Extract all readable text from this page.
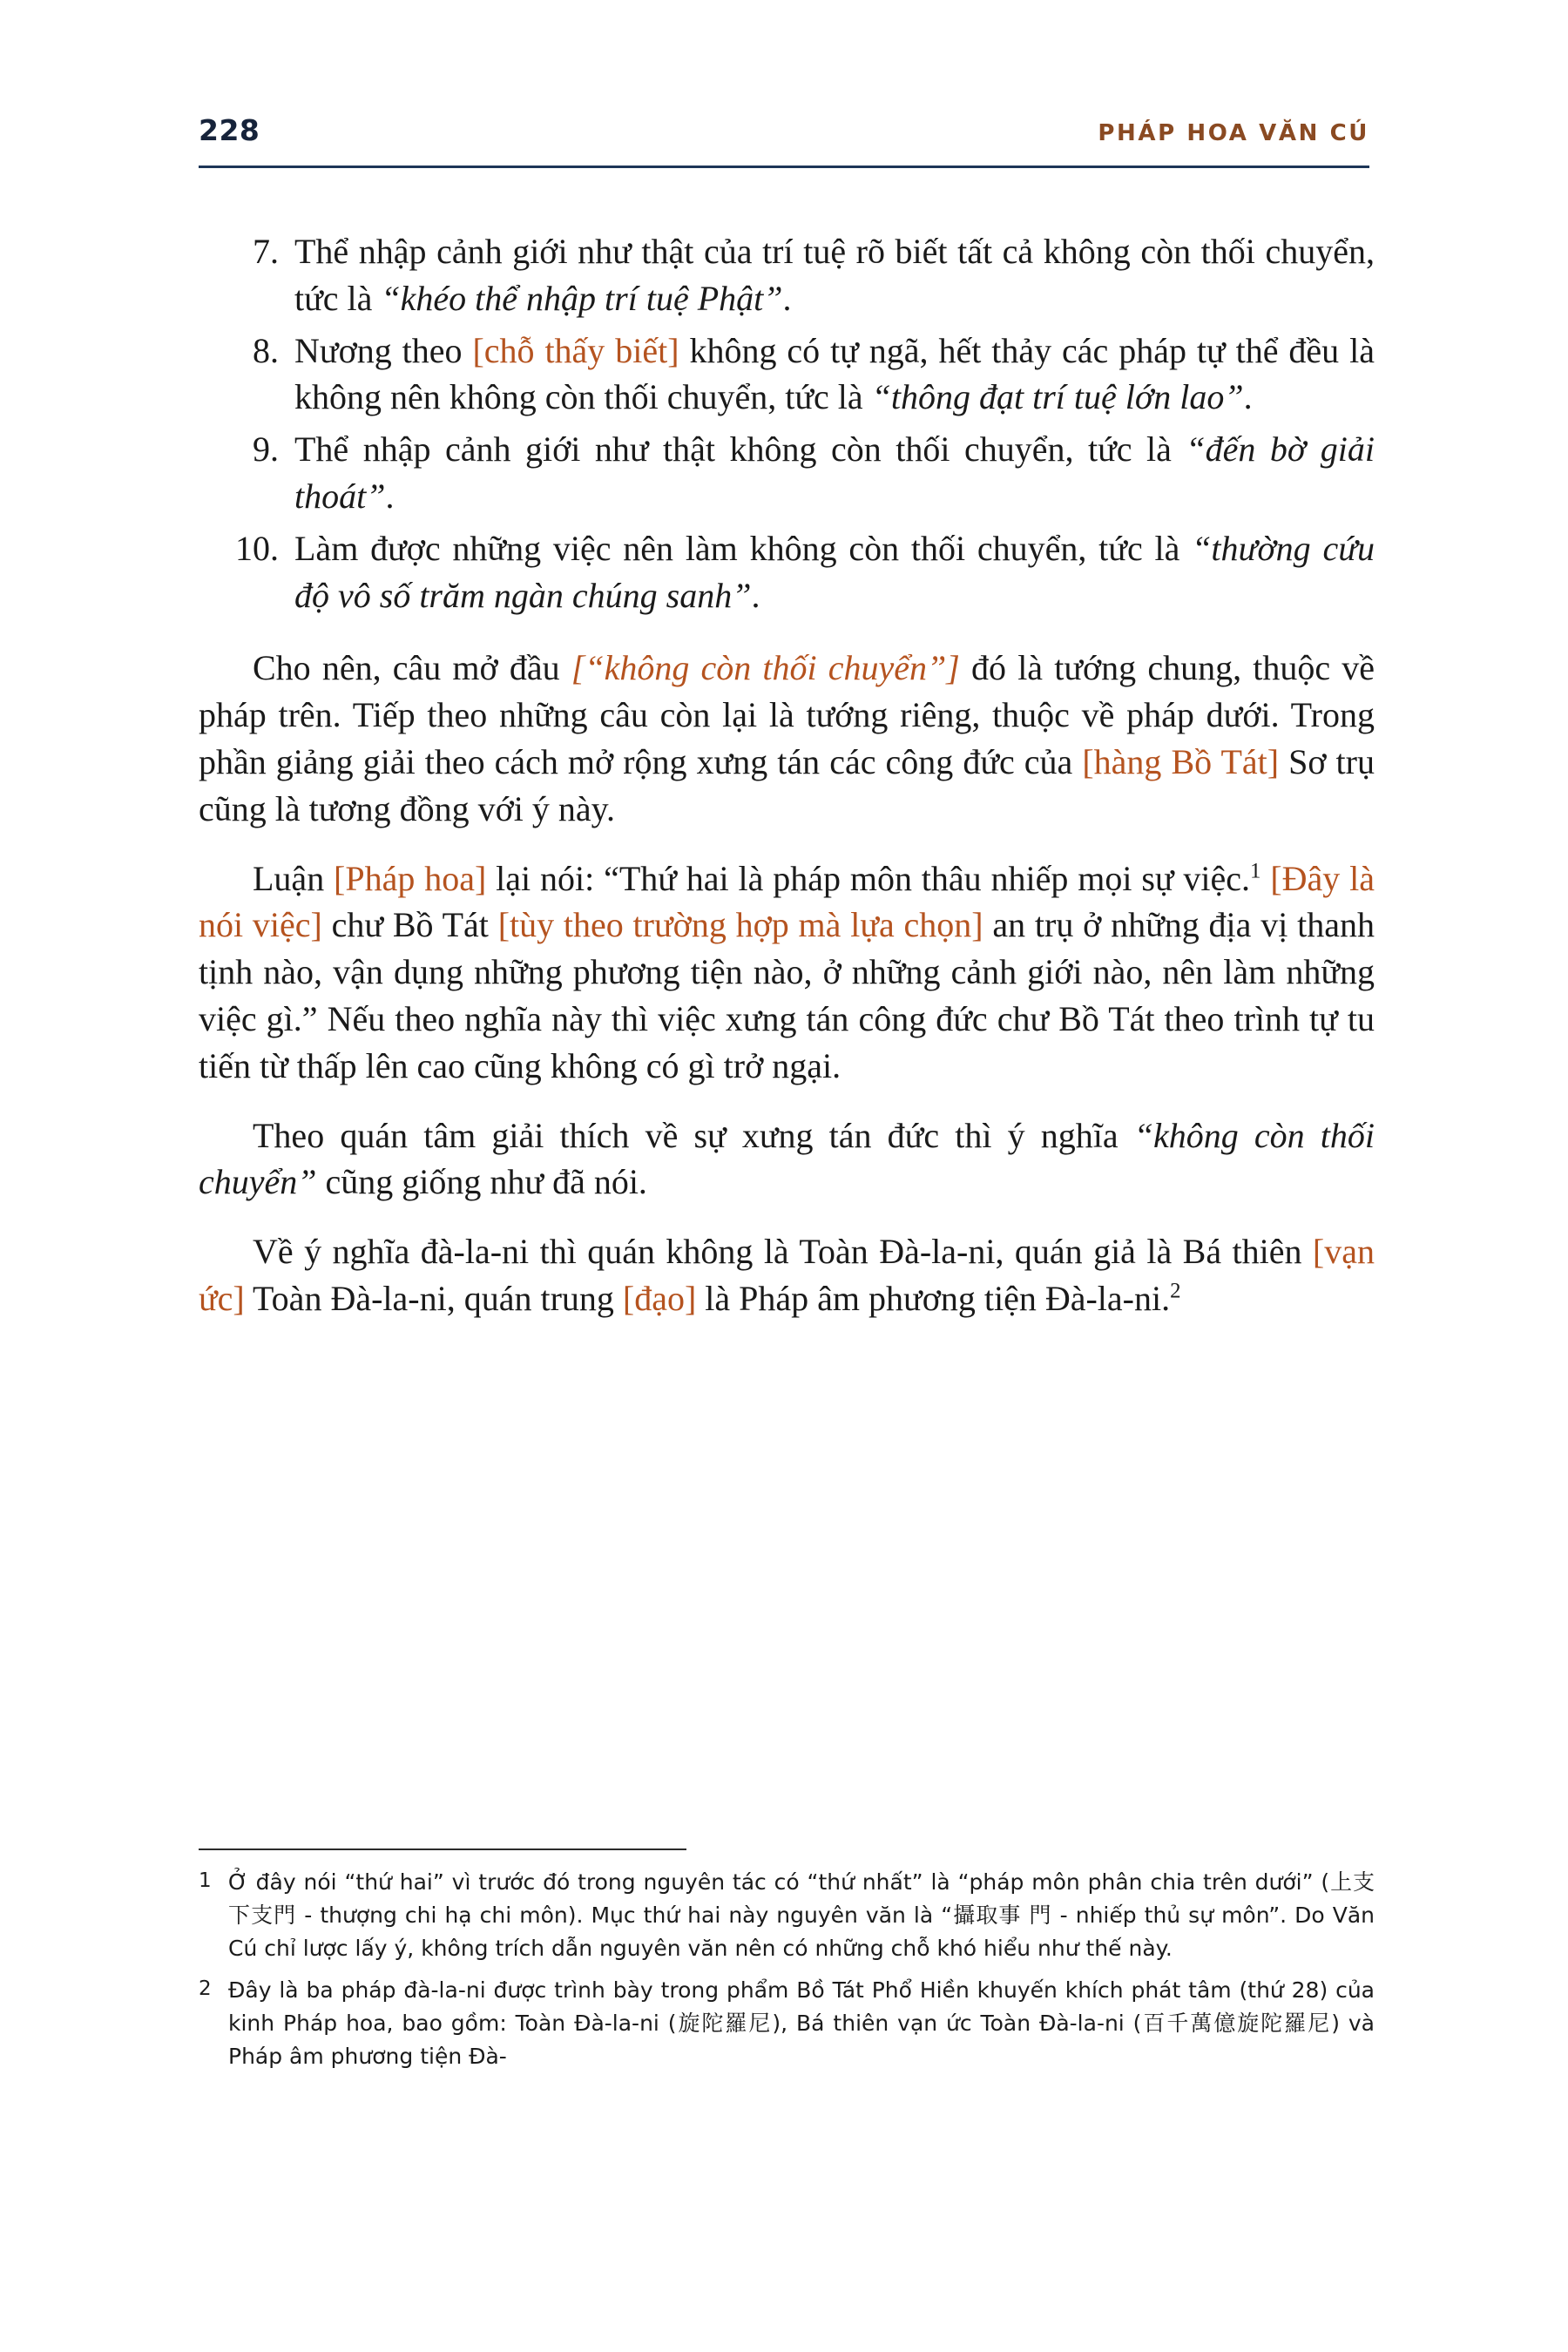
228	PHÁP HOA VĂN CÚ
7. Thể nhập cảnh giới như thật của trí tuệ rõ biết tất cả không còn thối chuyển, tức là “khéo thể nhập trí tuệ Phật”.
8. Nương theo [chỗ thấy biết] không có tự ngã, hết thảy các pháp tự thể đều là không nên không còn thối chuyển, tức là “thông đạt trí tuệ lớn lao”.
9. Thể nhập cảnh giới như thật không còn thối chuyển, tức là “đến bờ giải thoát”.
10. Làm được những việc nên làm không còn thối chuyển, tức là “thường cứu độ vô số trăm ngàn chúng sanh”.

Cho nên, câu mở đầu [“không còn thối chuyển”] đó là tướng chung, thuộc về pháp trên. Tiếp theo những câu còn lại là tướng riêng, thuộc về pháp dưới. Trong phần giảng giải theo cách mở rộng xưng tán các công đức của [hàng Bồ Tát] Sơ trụ cũng là tương đồng với ý này.

Luận [Pháp hoa] lại nói: “Thứ hai là pháp môn thâu nhiếp mọi sự việc.$^1$ [Đây là nói việc] chư Bồ Tát [tùy theo trường hợp mà lựa chọn] an trụ ở những địa vị thanh tịnh nào, vận dụng những phương tiện nào, ở những cảnh giới nào, nên làm những việc gì.” Nếu theo nghĩa này thì việc xưng tán công đức chư Bồ Tát theo trình tự tu tiến từ thấp lên cao cũng không có gì trở ngại.

Theo quán tâm giải thích về sự xưng tán đức thì ý nghĩa “không còn thối chuyển” cũng giống như đã nói.

Về ý nghĩa đà-la-ni thì quán không là Toàn Đà-la-ni, quán giả là Bá thiên [vạn ức] Toàn Đà-la-ni, quán trung [đạo] là Pháp âm phương tiện Đà-la-ni.$^2$

1 Ở đây nói “thứ hai” vì trước đó trong nguyên tác có “thứ nhất” là “pháp môn phân chia trên dưới” (上支下支門 - thượng chi hạ chi môn). Mục thứ hai này nguyên văn là “攝取事 門 - nhiếp thủ sự môn”. Do Văn Cú chỉ lược lấy ý, không trích dẫn nguyên văn nên có những chỗ khó hiểu như thế này.
2 Đây là ba pháp đà-la-ni được trình bày trong phẩm Bồ Tát Phổ Hiền khuyến khích phát tâm (thứ 28) của kinh Pháp hoa, bao gồm: Toàn Đà-la-ni (旋陀羅尼), Bá thiên vạn ức Toàn Đà-la-ni (百千萬億旋陀羅尼) và Pháp âm phương tiện Đà-
